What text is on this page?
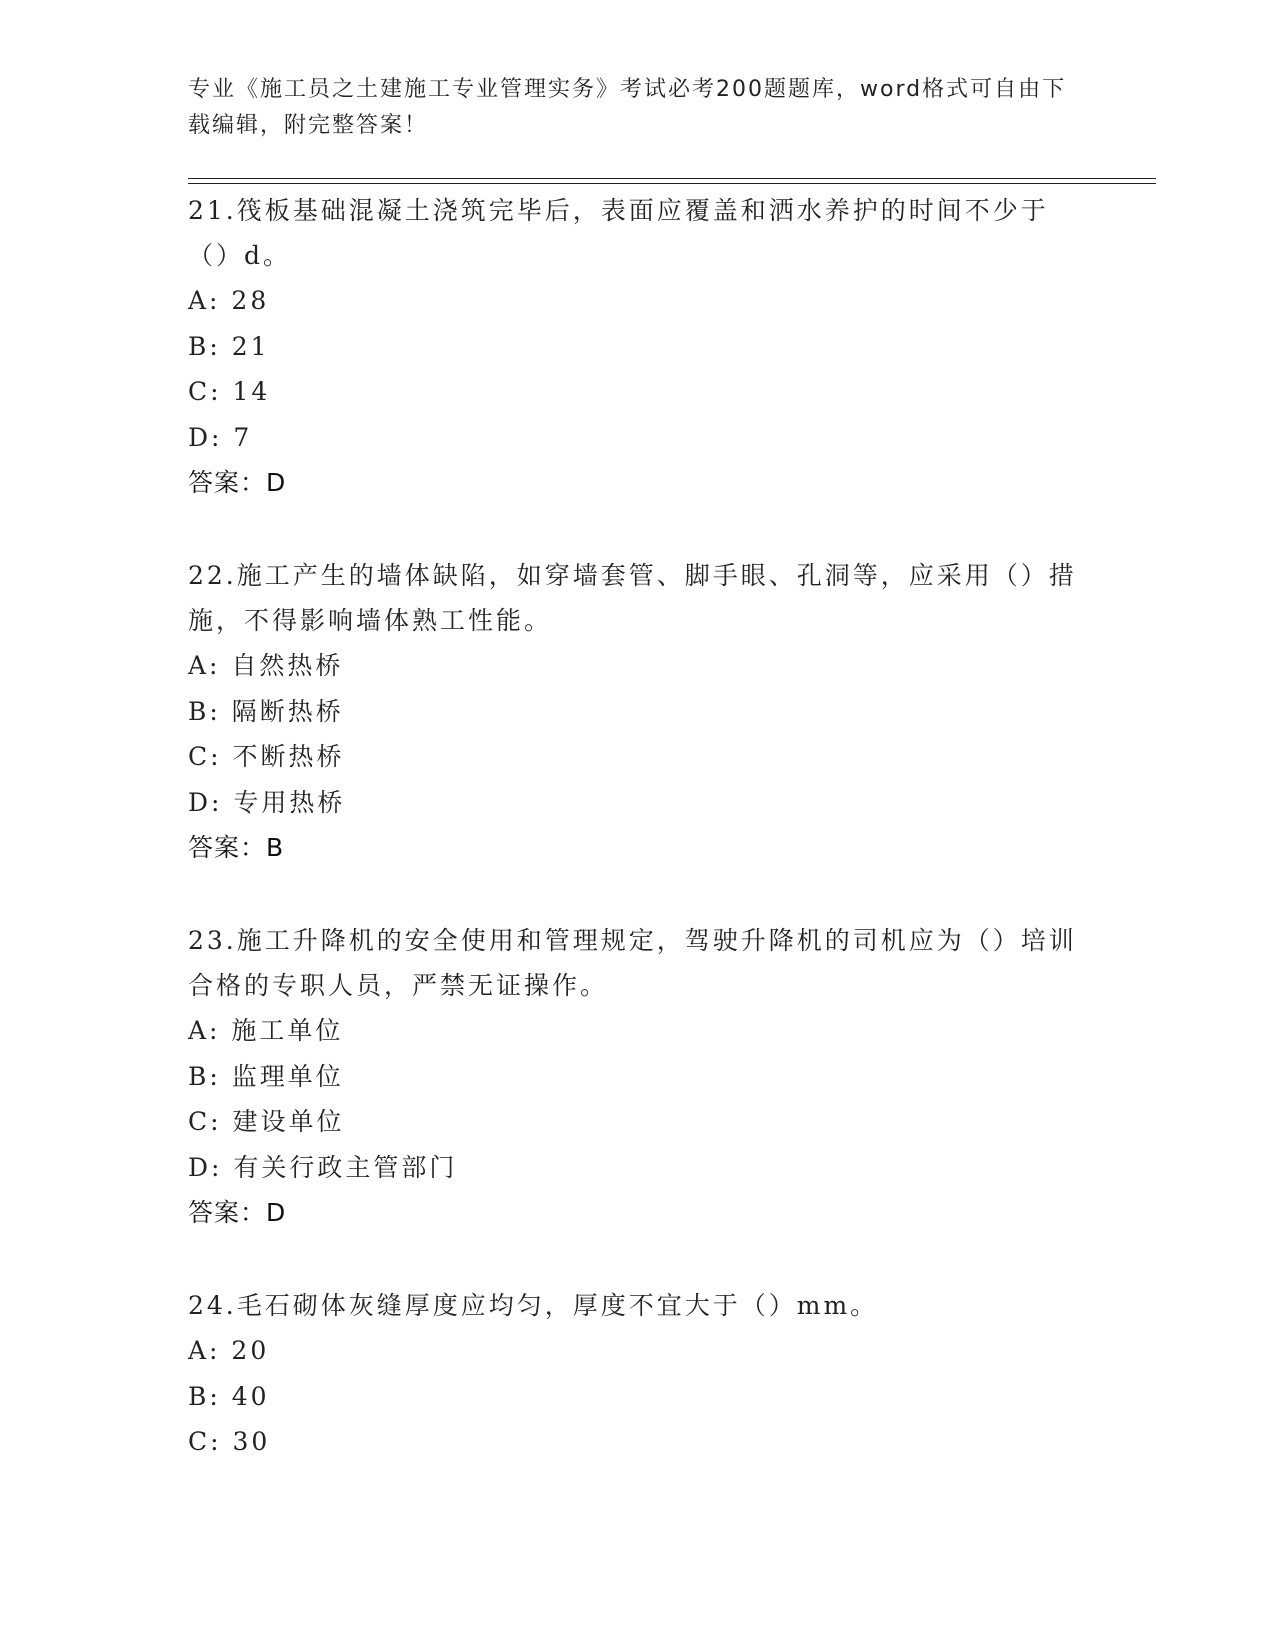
专业《施工员之土建施工专业管理实务》考试必考200题题库，word格式可自由下载编辑，附完整答案！

21.筏板基础混凝土浇筑完毕后，表面应覆盖和洒水养护的时间不少于（）d。

A: 28

B: 21

C: 14

D: 7

答案：D

22.施工产生的墙体缺陷，如穿墙套管、脚手眼、孔洞等，应采用（）措施，不得影响墙体熟工性能。

A: 自然热桥

B: 隔断热桥

C: 不断热桥

D: 专用热桥

答案：B

23.施工升降机的安全使用和管理规定，驾驶升降机的司机应为（）培训合格的专职人员，严禁无证操作。

A: 施工单位

B: 监理单位

C: 建设单位

D: 有关行政主管部门

答案：D

24.毛石砌体灰缝厚度应均匀，厚度不宜大于（）mm。

A: 20

B: 40

C: 30
